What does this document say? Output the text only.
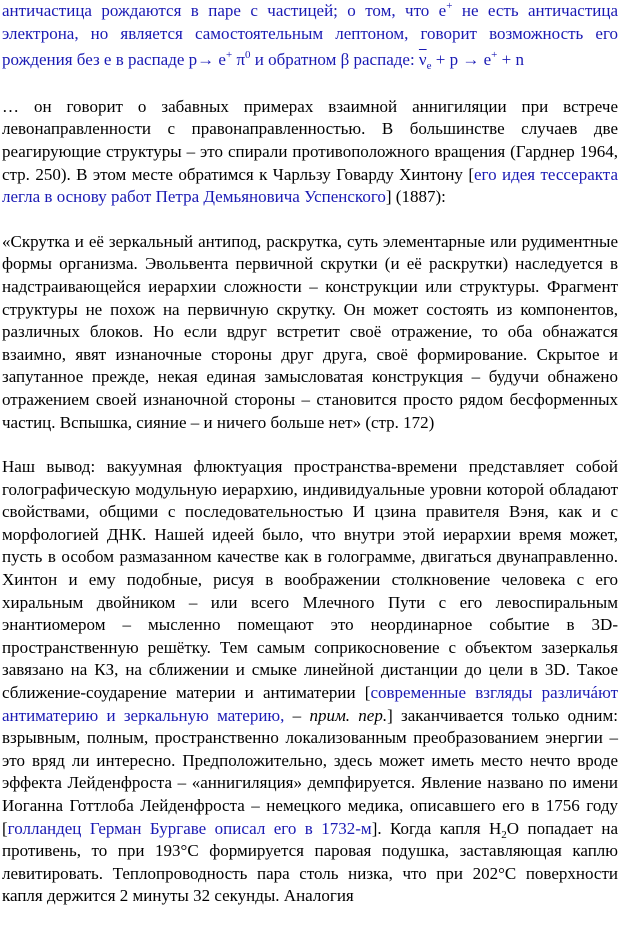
античастица рождаются в паре с частицей; о том, что e+ не есть античастица

электрона, но является самостоятельным лептоном, говорит возможность его

рождения без e в распаде p→ e+ $\pi^0$ и обратном β распаде: $\overline{\nu}_e + p \to e^+ + n$

… он говорит о забавных примерах взаимной аннигиляции при встрече левонаправленности с правонаправленностью. В большинстве случаев две реагирующие структуры – это спирали противоположного вращения (Гарднер 1964, стр. 250). В этом месте обратимся к Чарльзу Говарду Хинтону [его идея тессеракта легла в основу работ Петра Демьяновича Успенского] (1887):

«Скрутка и её зеркальный антипод, раскрутка, суть элементарные или рудиментные формы организма. Эвольвента первичной скрутки (и её раскрутки) наследуется в надстраивающейся иерархии сложности – конструкции или структуры. Фрагмент структуры не похож на первичную скрутку. Он может состоять из компонентов, различных блоков. Но если вдруг встретит своё отражение, то оба обнажатся взаимно, явят изнаночные стороны друг друга, своё формирование. Скрытое и запутанное прежде, некая единая замысловатая конструкция – будучи обнажено отражением своей изнаночной стороны – становится просто рядом бесформенных частиц. Вспышка, сияние – и ничего больше нет» (стр. 172)

Наш вывод: вакуумная флюктуация пространства-времени представляет собой голографическую модульную иерархию, индивидуальные уровни которой обладают свойствами, общими с последовательностью И цзина правителя Вэня, как и с морфологией ДНК. Нашей идеей было, что внутри этой иерархии время может, пусть в особом размазанном качестве как в голограмме, двигаться двунаправленно. Хинтон и ему подобные, рисуя в воображении столкновение человека с его хиральным двойником – или всего Млечного Пути с его левоспиральным энантиомером – мысленно помещают это неординарное событие в 3D-пространственную решётку. Тем самым соприкосновение с объектом зазеркалья завязано на КЗ, на сближении и смыке линейной дистанции до цели в 3D. Такое сближение-соударение материи и антиматерии [современные взгляды различáют антиматерию и зеркальную материю, – прим. пер.] заканчивается только одним: взрывным, полным, пространственно локализованным преобразованием энергии – это вряд ли интересно. Предположительно, здесь может иметь место нечто вроде эффекта Лейденфроста – «аннигиляция» демпфируется. Явление названо по имени Иоганна Готтлоба Лейденфроста – немецкого медика, описавшего его в 1756 году [голландец Герман Бургаве описал его в 1732-м]. Когда капля $H_2O$ попадает на противень, то при 193°C формируется паровая подушка, заставляющая каплю левитировать. Теплопроводность пара столь низка, что при 202°C поверхности капля держится 2 минуты 32 секунды. Аналогия
